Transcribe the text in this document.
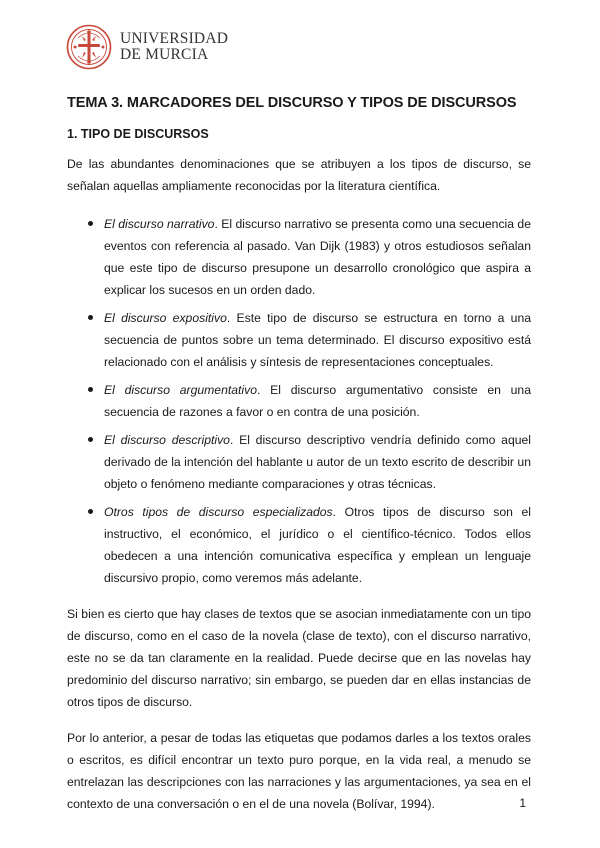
UNIVERSIDAD
DE MURCIA
TEMA 3. MARCADORES DEL DISCURSO Y TIPOS DE DISCURSOS
1. TIPO DE DISCURSOS

De las abundantes denominaciones que se atribuyen a los tipos de discurso, se señalan aquellas ampliamente reconocidas por la literatura científica.

El discurso narrativo. El discurso narrativo se presenta como una secuencia de eventos con referencia al pasado. Van Dijk (1983) y otros estudiosos señalan que este tipo de discurso presupone un desarrollo cronológico que aspira a explicar los sucesos en un orden dado.
El discurso expositivo. Este tipo de discurso se estructura en torno a una secuencia de puntos sobre un tema determinado. El discurso expositivo está relacionado con el análisis y síntesis de representaciones conceptuales.
El discurso argumentativo. El discurso argumentativo consiste en una secuencia de razones a favor o en contra de una posición.
El discurso descriptivo. El discurso descriptivo vendría definido como aquel derivado de la intención del hablante u autor de un texto escrito de describir un objeto o fenómeno mediante comparaciones y otras técnicas.
Otros tipos de discurso especializados. Otros tipos de discurso son el instructivo, el económico, el jurídico o el científico-técnico. Todos ellos obedecen a una intención comunicativa específica y emplean un lenguaje discursivo propio, como veremos más adelante.

Si bien es cierto que hay clases de textos que se asocian inmediatamente con un tipo de discurso, como en el caso de la novela (clase de texto), con el discurso narrativo, este no se da tan claramente en la realidad. Puede decirse que en las novelas hay predominio del discurso narrativo; sin embargo, se pueden dar en ellas instancias de otros tipos de discurso.

Por lo anterior, a pesar de todas las etiquetas que podamos darles a los textos orales o escritos, es difícil encontrar un texto puro porque, en la vida real, a menudo se entrelazan las descripciones con las narraciones y las argumentaciones, ya sea en el contexto de una conversación o en el de una novela (Bolívar, 1994).	1
